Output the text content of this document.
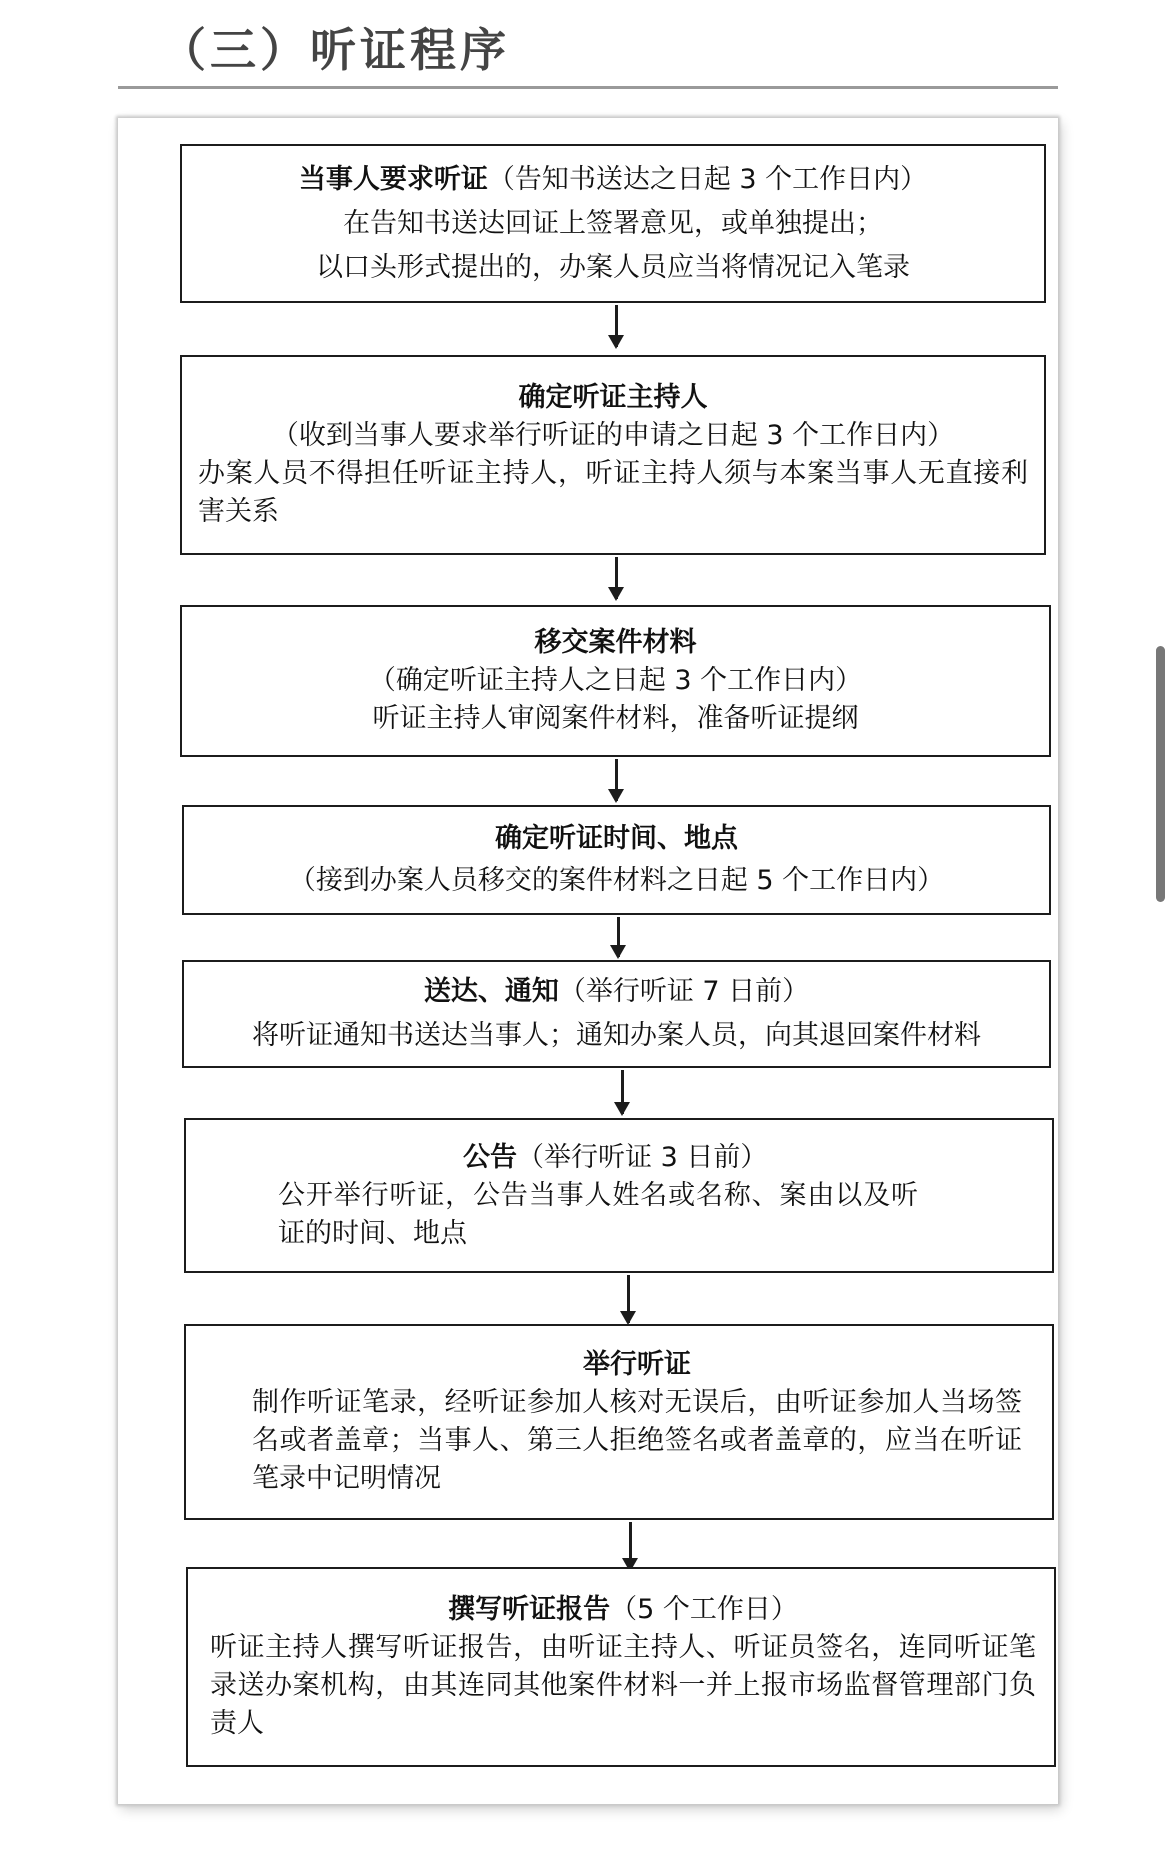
（三）听证程序
当事人要求听证（告知书送达之日起 3 个工作日内）
在告知书送达回证上签署意见，或单独提出；
以口头形式提出的，办案人员应当将情况记入笔录
确定听证主持人
（收到当事人要求举行听证的申请之日起 3 个工作日内）
办案人员不得担任听证主持人，听证主持人须与本案当事人无直接利害关系
移交案件材料
（确定听证主持人之日起 3 个工作日内）
听证主持人审阅案件材料，准备听证提纲
确定听证时间、地点
（接到办案人员移交的案件材料之日起 5 个工作日内）
送达、通知（举行听证 7 日前）
将听证通知书送达当事人；通知办案人员，向其退回案件材料
公告（举行听证 3 日前）
公开举行听证，公告当事人姓名或名称、案由以及听证的时间、地点
举行听证
制作听证笔录，经听证参加人核对无误后，由听证参加人当场签名或者盖章；当事人、第三人拒绝签名或者盖章的，应当在听证笔录中记明情况
撰写听证报告（5 个工作日）
听证主持人撰写听证报告，由听证主持人、听证员签名，连同听证笔录送办案机构，由其连同其他案件材料一并上报市场监督管理部门负责人
